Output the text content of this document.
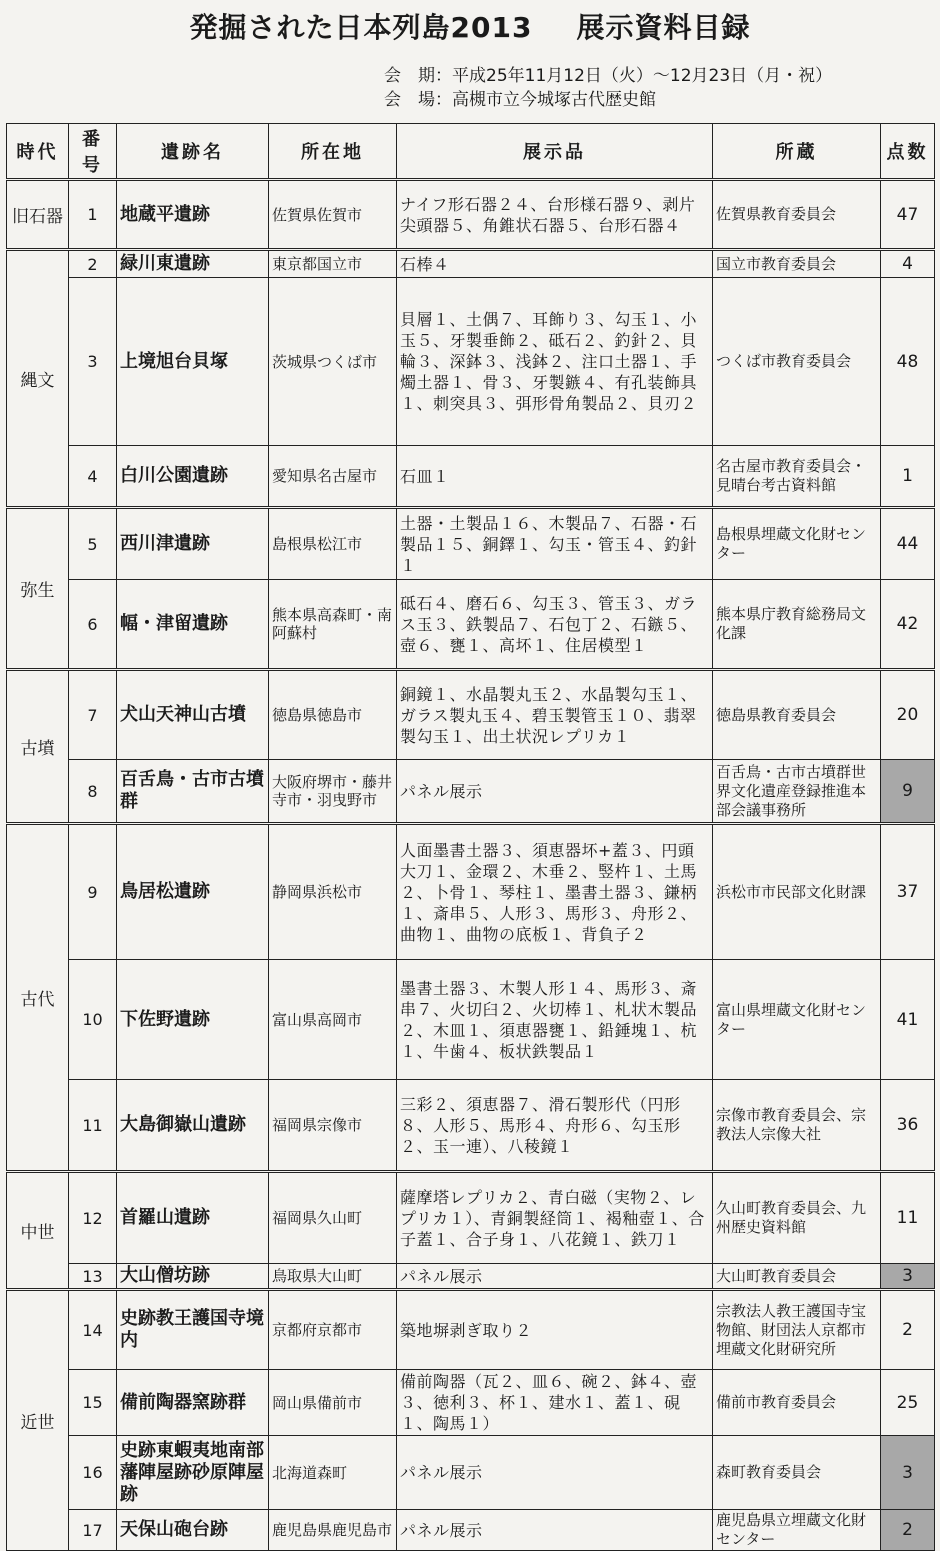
発掘された日本列島2013 展示資料目録
会　期：平成25年11月12日（火）〜12月23日（月・祝）
会　場：高槻市立今城塚古代歴史館
時代	番号	遺跡名	所在地	展示品	所蔵	点数
旧石器	1	地蔵平遺跡	佐賀県佐賀市	ナイフ形石器２４、台形様石器９、剥片尖頭器５、角錐状石器５、台形石器４	佐賀県教育委員会	47
縄文	2	緑川東遺跡	東京都国立市	石棒４	国立市教育委員会	4
	3	上境旭台貝塚	茨城県つくば市	貝層１、土偶７、耳飾り３、勾玉１、小玉５、牙製垂飾２、砥石２、釣針２、貝輪３、深鉢３、浅鉢２、注口土器１、手燭土器１、骨３、牙製鏃４、有孔装飾具１、刺突具３、弭形骨角製品２、貝刃２	つくば市教育委員会	48
	4	白川公園遺跡	愛知県名古屋市	石皿１	名古屋市教育委員会・見晴台考古資料館	1
弥生	5	西川津遺跡	島根県松江市	土器・土製品１６、木製品７、石器・石製品１５、銅鐸１、勾玉・管玉４、釣針１	島根県埋蔵文化財センター	44
	6	幅・津留遺跡	熊本県高森町・南阿蘇村	砥石４、磨石６、勾玉３、管玉３、ガラス玉３、鉄製品７、石包丁２、石鏃５、壺６、甕１、高坏１、住居模型１	熊本県庁教育総務局文化課	42
古墳	7	犬山天神山古墳	徳島県徳島市	銅鏡１、水晶製丸玉２、水晶製勾玉１、ガラス製丸玉４、碧玉製管玉１０、翡翠製勾玉１、出土状況レプリカ１	徳島県教育委員会	20
	8	百舌鳥・古市古墳群	大阪府堺市・藤井寺市・羽曳野市	パネル展示	百舌鳥・古市古墳群世界文化遺産登録推進本部会議事務所	9
古代	9	鳥居松遺跡	静岡県浜松市	人面墨書土器３、須恵器坏+蓋３、円頭大刀１、金環２、木垂２、竪杵１、土馬２、卜骨１、琴柱１、墨書土器３、鎌柄１、斎串５、人形３、馬形３、舟形２、曲物１、曲物の底板１、背負子２	浜松市市民部文化財課	37
	10	下佐野遺跡	富山県高岡市	墨書土器３、木製人形１４、馬形３、斎串７、火切臼２、火切棒１、札状木製品２、木皿１、須恵器甕１、鉛錘塊１、杭１、牛歯４、板状鉄製品１	富山県埋蔵文化財センター	41
	11	大島御嶽山遺跡	福岡県宗像市	三彩２、須恵器７、滑石製形代（円形８、人形５、馬形４、舟形６、勾玉形２、玉一連）、八稜鏡１	宗像市教育委員会、宗教法人宗像大社	36
中世	12	首羅山遺跡	福岡県久山町	薩摩塔レプリカ２、青白磁（実物２、レプリカ１）、青銅製経筒１、褐釉壺１、合子蓋１、合子身１、八花鏡１、鉄刀１	久山町教育委員会、九州歴史資料館	11
	13	大山僧坊跡	鳥取県大山町	パネル展示	大山町教育委員会	3
近世	14	史跡教王護国寺境内	京都府京都市	築地塀剥ぎ取り２	宗教法人教王護国寺宝物館、財団法人京都市埋蔵文化財研究所	2
	15	備前陶器窯跡群	岡山県備前市	備前陶器（瓦２、皿６、碗２、鉢４、壺３、徳利３、杯１、建水１、蓋１、硯１、陶馬１）	備前市教育委員会	25
	16	史跡東蝦夷地南部藩陣屋跡砂原陣屋跡	北海道森町	パネル展示	森町教育委員会	3
	17	天保山砲台跡	鹿児島県鹿児島市	パネル展示	鹿児島県立埋蔵文化財センター	2
